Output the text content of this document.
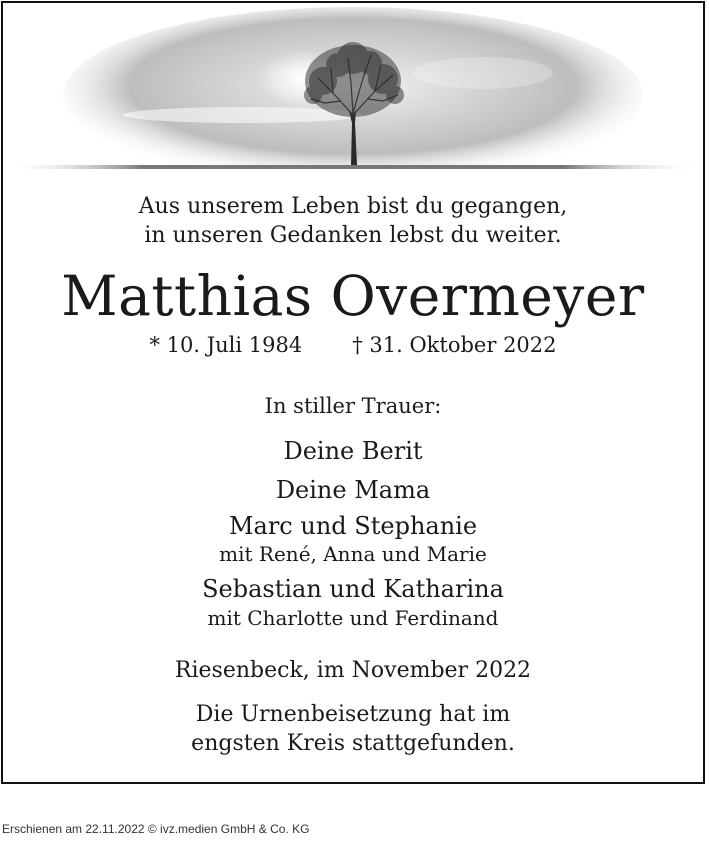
Aus unserem Leben bist du gegangen,
in unseren Gedanken lebst du weiter.
Matthias Overmeyer
* 10. Juli 1984 † 31. Oktober 2022
In stiller Trauer:
Deine Berit
Deine Mama
Marc und Stephanie
mit René, Anna und Marie
Sebastian und Katharina
mit Charlotte und Ferdinand
Riesenbeck, im November 2022
Die Urnenbeisetzung hat im
engsten Kreis stattgefunden.
Erschienen am 22.11.2022 © ivz.medien GmbH & Co. KG
